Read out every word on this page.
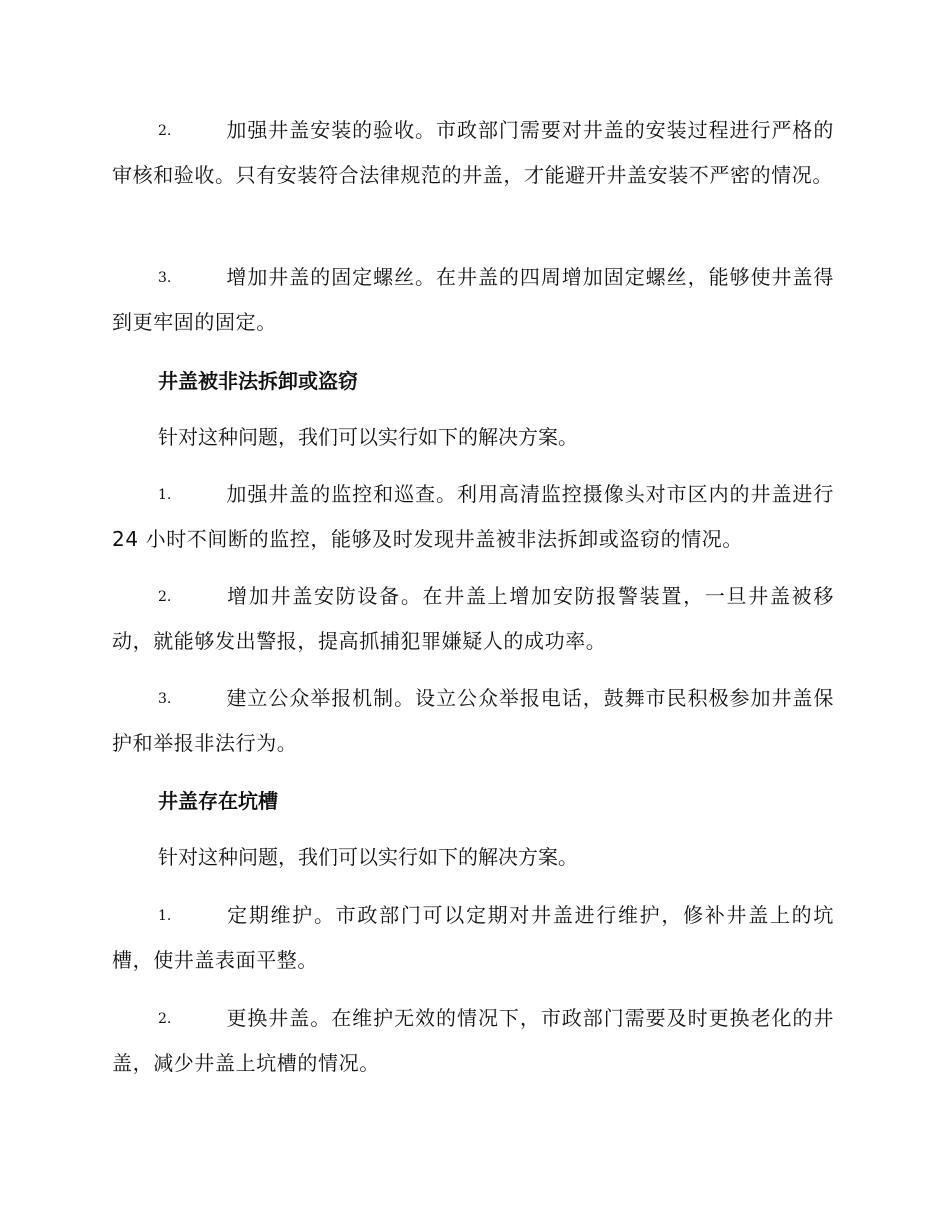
2.	加强井盖安装的验收。市政部门需要对井盖的安装过程进行严格的审核和验收。只有安装符合法律规范的井盖，才能避开井盖安装不严密的情况。

3.	增加井盖的固定螺丝。在井盖的四周增加固定螺丝，能够使井盖得到更牢固的固定。

井盖被非法拆卸或盗窃

针对这种问题，我们可以实行如下的解决方案。

1.	加强井盖的监控和巡查。利用高清监控摄像头对市区内的井盖进行 24 小时不间断的监控，能够及时发现井盖被非法拆卸或盗窃的情况。

2.	增加井盖安防设备。在井盖上增加安防报警装置，一旦井盖被移动，就能够发出警报，提高抓捕犯罪嫌疑人的成功率。

3.	建立公众举报机制。设立公众举报电话，鼓舞市民积极参加井盖保护和举报非法行为。

井盖存在坑槽

针对这种问题，我们可以实行如下的解决方案。

1.	定期维护。市政部门可以定期对井盖进行维护，修补井盖上的坑槽，使井盖表面平整。

2.	更换井盖。在维护无效的情况下，市政部门需要及时更换老化的井盖，减少井盖上坑槽的情况。
